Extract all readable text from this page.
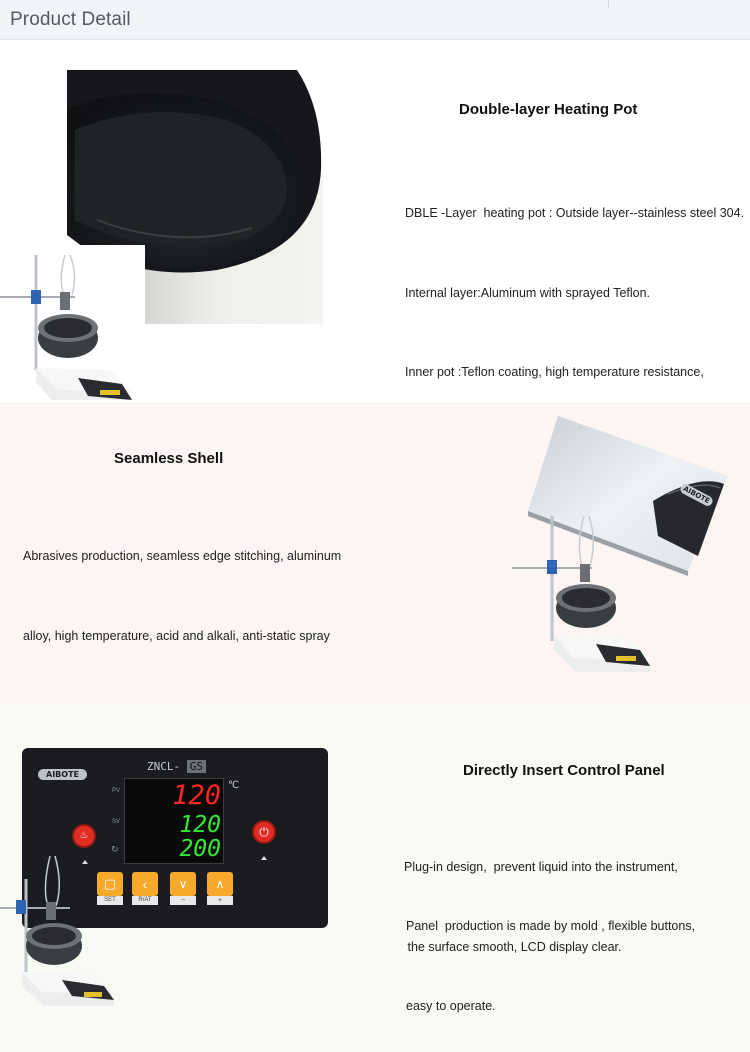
Product Detail
Double-layer Heating Pot

DBLE -Layer  heating pot : Outside layer--stainless steel 304.

Internal layer:Aluminum with sprayed Teflon.

Inner pot :Teflon coating, high temperature resistance,

Seamless Shell

Abrasives production, seamless edge stitching, aluminum

alloy, high temperature, acid and alkali, anti-static spray

AIBOTE
AIBOTE
ZNCL- GS
120
120
200
PV
SV
℃
↻
♨	⏻
▢	‹	∨	∧
SET	R/AT	−	+
Directly Insert Control Panel

Plug-in design,  prevent liquid into the instrument,

the surface smooth, LCD display clear.

Panel  production is made by mold , flexible buttons,

easy to operate.
